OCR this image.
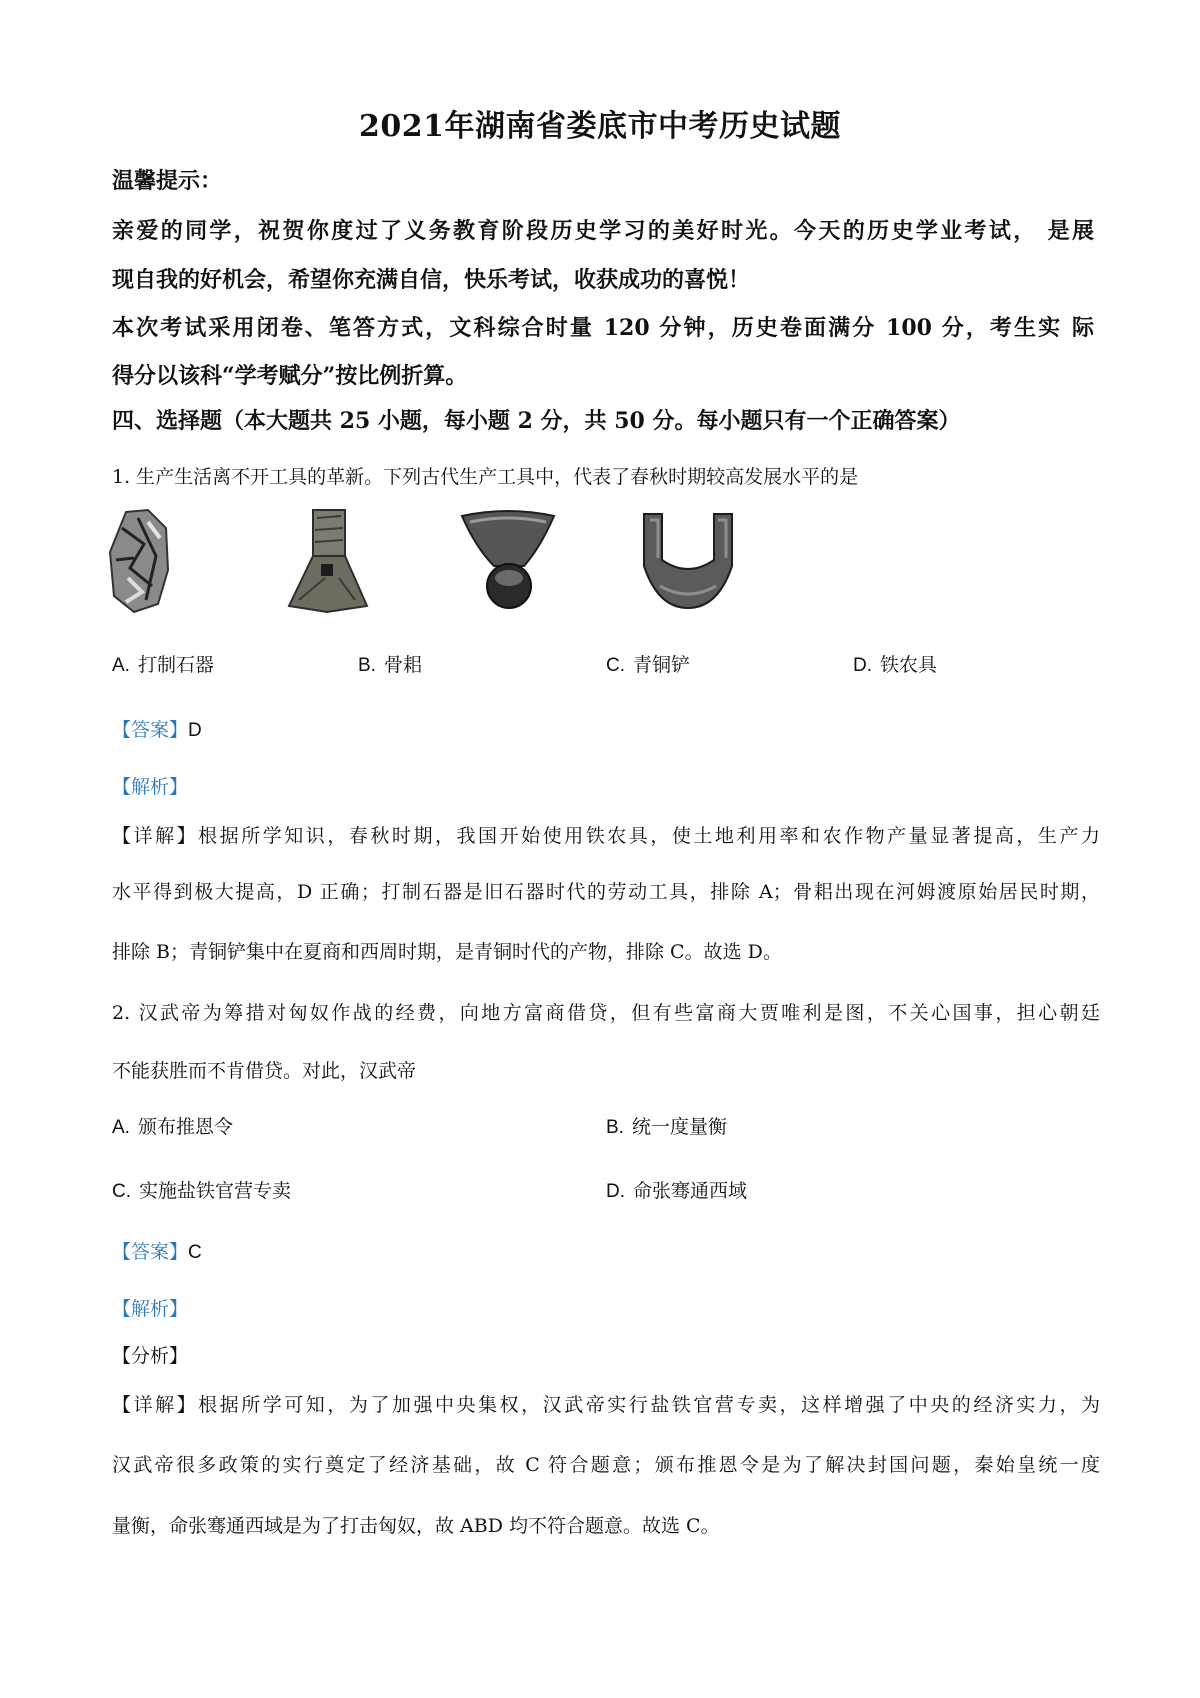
2021年湖南省娄底市中考历史试题
温馨提示：
亲爱的同学，祝贺你度过了义务教育阶段历史学习的美好时光。今天的历史学业考试， 是展
现自我的好机会，希望你充满自信，快乐考试，收获成功的喜悦！
本次考试采用闭卷、笔答方式，文科综合时量 120 分钟，历史卷面满分 100 分，考生实 际
得分以该科“学考赋分”按比例折算。
四、选择题（本大题共 25 小题，每小题 2 分，共 50 分。每小题只有一个正确答案）
1. 生产生活离不开工具的革新。下列古代生产工具中，代表了春秋时期较高发展水平的是
A. 打制石器	B. 骨耜	C. 青铜铲	D. 铁农具
【答案】D
【解析】
【详解】根据所学知识，春秋时期，我国开始使用铁农具，使土地利用率和农作物产量显著提高，生产力
水平得到极大提高，D 正确；打制石器是旧石器时代的劳动工具，排除 A；骨耜出现在河姆渡原始居民时期，
排除 B；青铜铲集中在夏商和西周时期，是青铜时代的产物，排除 C。故选 D。
2. 汉武帝为筹措对匈奴作战的经费，向地方富商借贷，但有些富商大贾唯利是图，不关心国事，担心朝廷
不能获胜而不肯借贷。对此，汉武帝
A. 颁布推恩令	B. 统一度量衡
C. 实施盐铁官营专卖	D. 命张骞通西域
【答案】C
【解析】
【分析】
【详解】根据所学可知，为了加强中央集权，汉武帝实行盐铁官营专卖，这样增强了中央的经济实力，为
汉武帝很多政策的实行奠定了经济基础，故 C 符合题意；颁布推恩令是为了解决封国问题，秦始皇统一度
量衡，命张骞通西域是为了打击匈奴，故 ABD 均不符合题意。故选 C。
